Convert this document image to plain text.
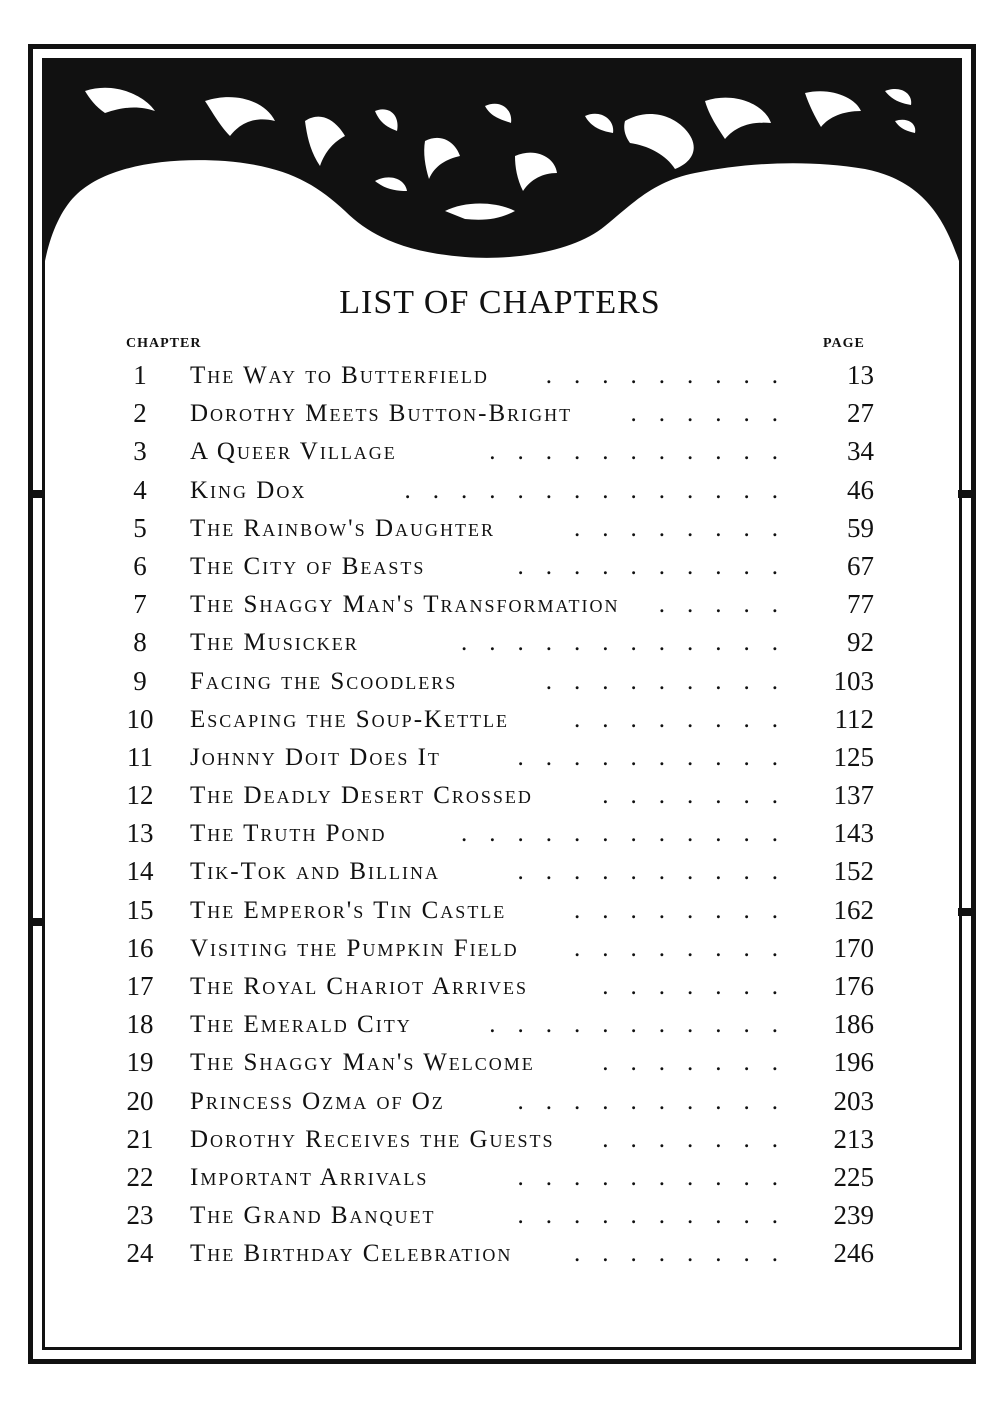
LIST OF CHAPTERS
CHAPTER	PAGE
1	The Way to Butterfield .........	13
2	Dorothy Meets Button-Bright ......	27
3	A Queer Village	...........	34
4	King Dox	..............	46
5	The Rainbow's Daughter	........	59
6	The City of Beasts	..........	67
7	The Shaggy Man's Transformation .....	77
8	The Musicker	............	92
9	Facing the Scoodlers	.........	103
10	Escaping the Soup-Kettle	........	112
11	Johnny Doit Does It	..........	125
12	The Deadly Desert Crossed	.......	137
13	The Truth Pond	............	143
14	Tik-Tok and Billina	..........	152
15	The Emperor's Tin Castle	........	162
16	Visiting the Pumpkin Field ........	170
17	The Royal Chariot Arrives	.......	176
18	The Emerald City	...........	186
19	The Shaggy Man's Welcome	.......	196
20	Princess Ozma of Oz	..........	203
21	Dorothy Receives the Guests .......	213
22	Important Arrivals	..........	225
23	The Grand Banquet	..........	239
24	The Birthday Celebration ........	246
